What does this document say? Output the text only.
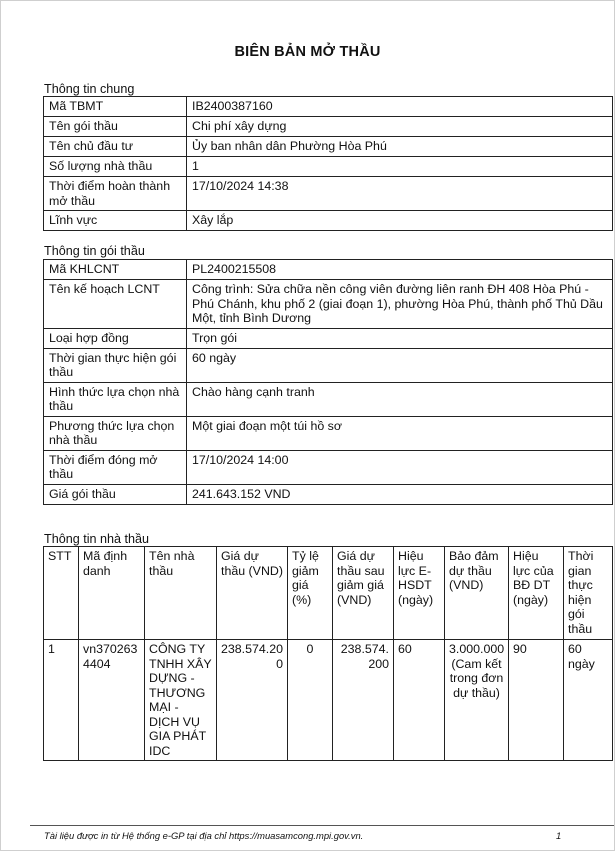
BIÊN BẢN MỞ THẦU
Thông tin chung
Mã TBMT	IB2400387160
Tên gói thầu	Chi phí xây dựng
Tên chủ đầu tư	Ủy ban nhân dân Phường Hòa Phú
Số lượng nhà thầu	1
Thời điểm hoàn thành mở thầu	17/10/2024 14:38
Lĩnh vực	Xây lắp
Thông tin gói thầu
Mã KHLCNT	PL2400215508
Tên kế hoạch LCNT	Công trình: Sửa chữa nền công viên đường liên ranh ĐH 408 Hòa Phú - Phú Chánh, khu phố 2 (giai đoạn 1), phường Hòa Phú, thành phố Thủ Dầu Một, tỉnh Bình Dương
Loại hợp đồng	Trọn gói
Thời gian thực hiện gói thầu	60 ngày
Hình thức lựa chọn nhà thầu	Chào hàng cạnh tranh
Phương thức lựa chọn nhà thầu	Một giai đoạn một túi hồ sơ
Thời điểm đóng mở thầu	17/10/2024 14:00
Giá gói thầu	241.643.152 VND
Thông tin nhà thầu
STT	Mã định danh	Tên nhà thầu	Giá dự thầu (VND)	Tỷ lệ giảm giá (%)	Giá dự thầu sau giảm giá (VND)	Hiệu lực E-HSDT (ngày)	Bảo đảm dự thầu (VND)	Hiệu lực của BĐ DT (ngày)	Thời gian thực hiện gói thầu
1	vn3702634404	CÔNG TY TNHH XÂY DỰNG - THƯƠNG MẠI - DỊCH VỤ GIA PHÁT IDC	238.574.200	0	238.574.200	60	3.000.000 (Cam kết trong đơn dự thầu)	90	60 ngày
Tài liệu được in từ Hệ thống e-GP tại địa chỉ https://muasamcong.mpi.gov.vn.	1
